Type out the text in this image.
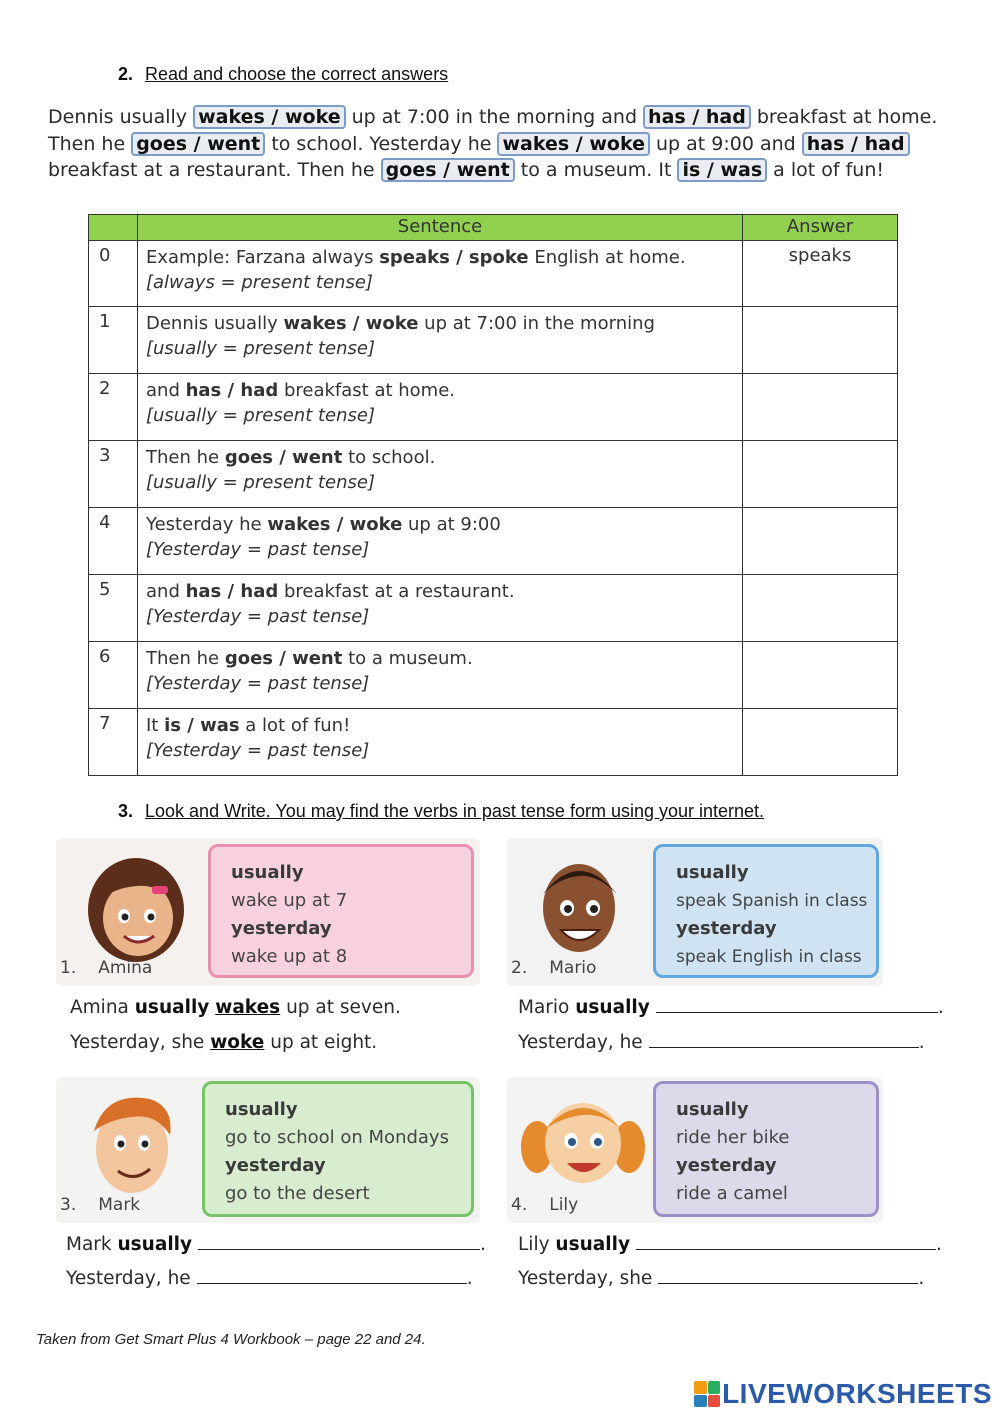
2. Read and choose the correct answers
Dennis usually wakes / woke up at 7:00 in the morning and has / had breakfast at home. Then he goes / went to school. Yesterday he wakes / woke up at 9:00 and has / had breakfast at a restaurant. Then he goes / went to a museum. It is / was a lot of fun!
	Sentence	Answer
0	Example: Farzana always speaks / spoke English at home.
[always = present tense]	speaks
1	Dennis usually wakes / woke up at 7:00 in the morning
[usually = present tense]	

2	and has / had breakfast at home.
[usually = present tense]	

3	Then he goes / went to school.
[usually = present tense]	

4	Yesterday he wakes / woke up at 9:00
[Yesterday = past tense]	

5	and has / had breakfast at a restaurant.
[Yesterday = past tense]	

6	Then he goes / went to a museum.
[Yesterday = past tense]	

7	It is / was a lot of fun!
[Yesterday = past tense]	

3. Look and Write. You may find the verbs in past tense form using your internet.
usually
wake up at 7
yesterday
wake up at 8
1. Amina
usually
speak Spanish in class
yesterday
speak English in class
2. Mario
Amina usually wakes up at seven.
Yesterday, she woke up at eight.
Mario usually	.
Yesterday, he	.
usually
go to school on Mondays
yesterday
go to the desert
3. Mark
usually
ride her bike
yesterday
ride a camel
4. Lily
Mark usually	.
Yesterday, he	.
Lily usually	.
Yesterday, she	.
Taken from Get Smart Plus 4 Workbook – page 22 and 24.
LIVEWORKSHEETS
